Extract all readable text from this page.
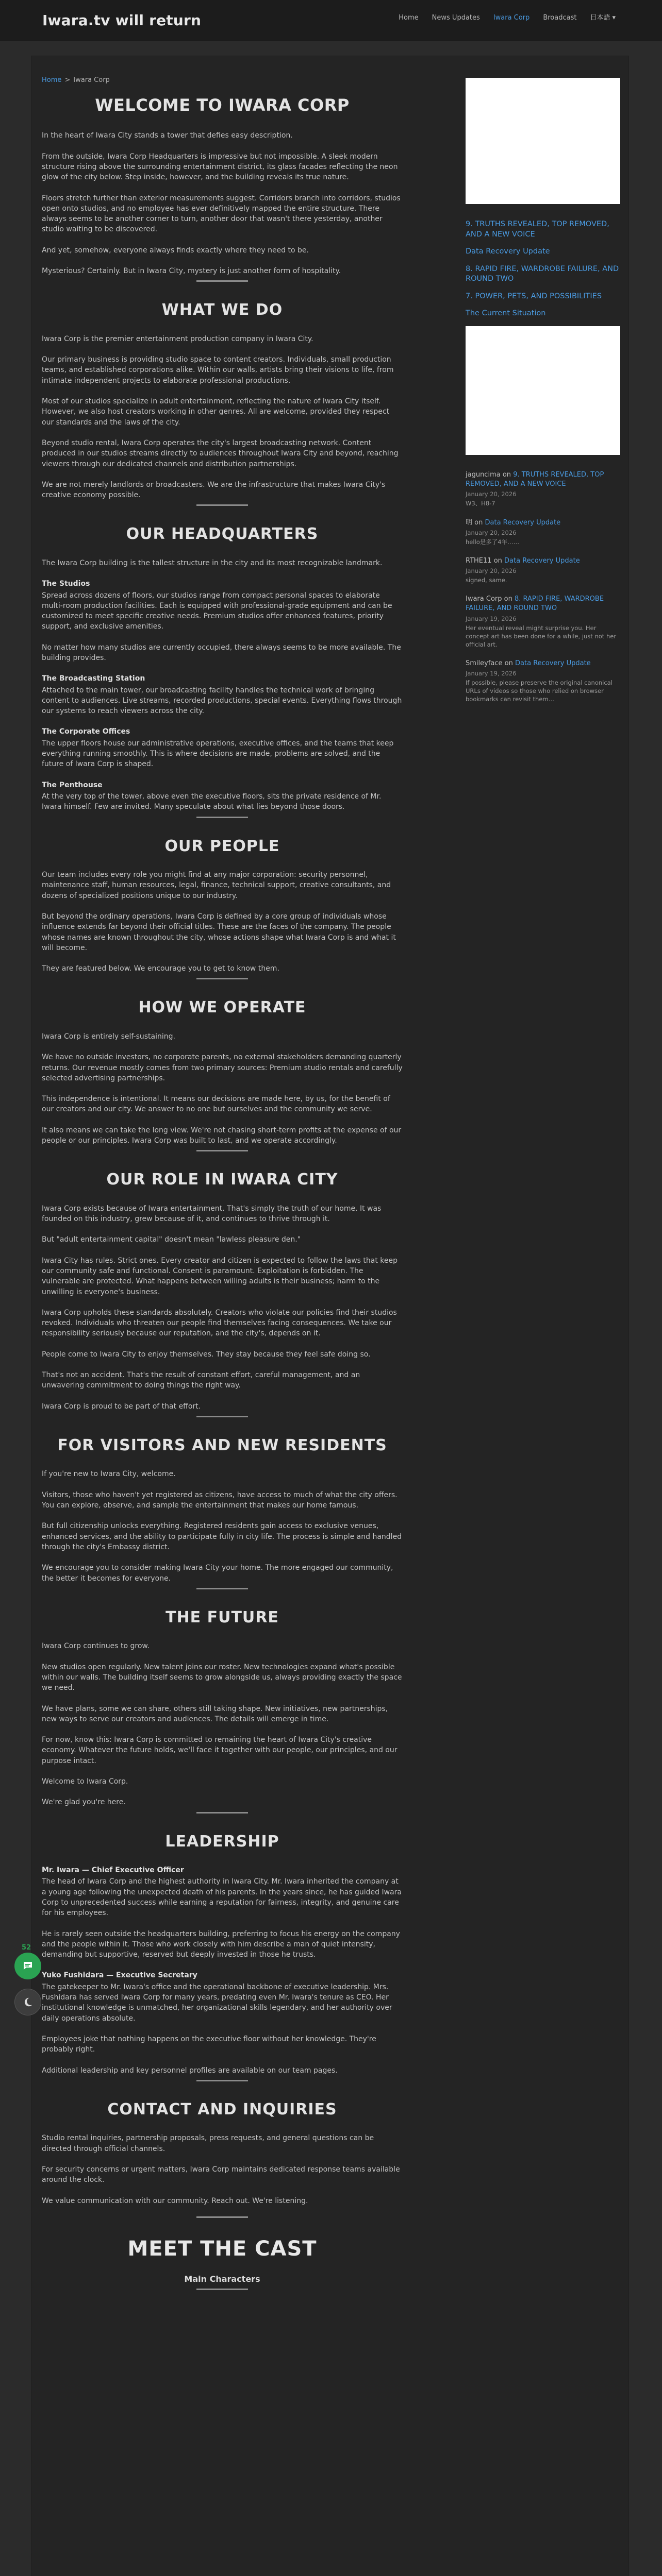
Iwara.tv will return	Home News Updates Iwara Corp Broadcast 日本語 ▾
Home > Iwara Corp
WELCOME TO IWARA CORP
In the heart of Iwara City stands a tower that defies easy description.
From the outside, Iwara Corp Headquarters is impressive but not impossible. A sleek modern structure rising above the surrounding entertainment district, its glass facades reflecting the neon glow of the city below. Step inside, however, and the building reveals its true nature.
Floors stretch further than exterior measurements suggest. Corridors branch into corridors, studios open onto studios, and no employee has ever definitively mapped the entire structure. There always seems to be another corner to turn, another door that wasn't there yesterday, another studio waiting to be discovered.
And yet, somehow, everyone always finds exactly where they need to be.
Mysterious? Certainly. But in Iwara City, mystery is just another form of hospitality.
WHAT WE DO
Iwara Corp is the premier entertainment production company in Iwara City.
Our primary business is providing studio space to content creators. Individuals, small production teams, and established corporations alike. Within our walls, artists bring their visions to life, from intimate independent projects to elaborate professional productions.
Most of our studios specialize in adult entertainment, reflecting the nature of Iwara City itself. However, we also host creators working in other genres. All are welcome, provided they respect our standards and the laws of the city.
Beyond studio rental, Iwara Corp operates the city's largest broadcasting network. Content produced in our studios streams directly to audiences throughout Iwara City and beyond, reaching viewers through our dedicated channels and distribution partnerships.
We are not merely landlords or broadcasters. We are the infrastructure that makes Iwara City's creative economy possible.
OUR HEADQUARTERS
The Iwara Corp building is the tallest structure in the city and its most recognizable landmark.
The Studios
Spread across dozens of floors, our studios range from compact personal spaces to elaborate multi-room production facilities. Each is equipped with professional-grade equipment and can be customized to meet specific creative needs. Premium studios offer enhanced features, priority support, and exclusive amenities.
No matter how many studios are currently occupied, there always seems to be more available. The building provides.
The Broadcasting Station
Attached to the main tower, our broadcasting facility handles the technical work of bringing content to audiences. Live streams, recorded productions, special events. Everything flows through our systems to reach viewers across the city.
The Corporate Offices
The upper floors house our administrative operations, executive offices, and the teams that keep everything running smoothly. This is where decisions are made, problems are solved, and the future of Iwara Corp is shaped.
The Penthouse
At the very top of the tower, above even the executive floors, sits the private residence of Mr. Iwara himself. Few are invited. Many speculate about what lies beyond those doors.
OUR PEOPLE
Our team includes every role you might find at any major corporation: security personnel, maintenance staff, human resources, legal, finance, technical support, creative consultants, and dozens of specialized positions unique to our industry.
But beyond the ordinary operations, Iwara Corp is defined by a core group of individuals whose influence extends far beyond their official titles. These are the faces of the company. The people whose names are known throughout the city, whose actions shape what Iwara Corp is and what it will become.
They are featured below. We encourage you to get to know them.
HOW WE OPERATE
Iwara Corp is entirely self-sustaining.
We have no outside investors, no corporate parents, no external stakeholders demanding quarterly returns. Our revenue mostly comes from two primary sources: Premium studio rentals and carefully selected advertising partnerships.
This independence is intentional. It means our decisions are made here, by us, for the benefit of our creators and our city. We answer to no one but ourselves and the community we serve.
It also means we can take the long view. We're not chasing short-term profits at the expense of our people or our principles. Iwara Corp was built to last, and we operate accordingly.
OUR ROLE IN IWARA CITY
Iwara Corp exists because of Iwara entertainment. That's simply the truth of our home. It was founded on this industry, grew because of it, and continues to thrive through it.
But "adult entertainment capital" doesn't mean "lawless pleasure den."
Iwara City has rules. Strict ones. Every creator and citizen is expected to follow the laws that keep our community safe and functional. Consent is paramount. Exploitation is forbidden. The vulnerable are protected. What happens between willing adults is their business; harm to the unwilling is everyone's business.
Iwara Corp upholds these standards absolutely. Creators who violate our policies find their studios revoked. Individuals who threaten our people find themselves facing consequences. We take our responsibility seriously because our reputation, and the city's, depends on it.
People come to Iwara City to enjoy themselves. They stay because they feel safe doing so.
That's not an accident. That's the result of constant effort, careful management, and an unwavering commitment to doing things the right way.
Iwara Corp is proud to be part of that effort.
FOR VISITORS AND NEW RESIDENTS
If you're new to Iwara City, welcome.
Visitors, those who haven't yet registered as citizens, have access to much of what the city offers. You can explore, observe, and sample the entertainment that makes our home famous.
But full citizenship unlocks everything. Registered residents gain access to exclusive venues, enhanced services, and the ability to participate fully in city life. The process is simple and handled through the city's Embassy district.
We encourage you to consider making Iwara City your home. The more engaged our community, the better it becomes for everyone.
THE FUTURE
Iwara Corp continues to grow.
New studios open regularly. New talent joins our roster. New technologies expand what's possible within our walls. The building itself seems to grow alongside us, always providing exactly the space we need.
We have plans, some we can share, others still taking shape. New initiatives, new partnerships, new ways to serve our creators and audiences. The details will emerge in time.
For now, know this: Iwara Corp is committed to remaining the heart of Iwara City's creative economy. Whatever the future holds, we'll face it together with our people, our principles, and our purpose intact.
Welcome to Iwara Corp.
We're glad you're here.
LEADERSHIP
Mr. Iwara — Chief Executive Officer
The head of Iwara Corp and the highest authority in Iwara City. Mr. Iwara inherited the company at a young age following the unexpected death of his parents. In the years since, he has guided Iwara Corp to unprecedented success while earning a reputation for fairness, integrity, and genuine care for his employees.
He is rarely seen outside the headquarters building, preferring to focus his energy on the company and the people within it. Those who work closely with him describe a man of quiet intensity, demanding but supportive, reserved but deeply invested in those he trusts.
Yuko Fushidara — Executive Secretary
The gatekeeper to Mr. Iwara's office and the operational backbone of executive leadership. Mrs. Fushidara has served Iwara Corp for many years, predating even Mr. Iwara's tenure as CEO. Her institutional knowledge is unmatched, her organizational skills legendary, and her authority over daily operations absolute.
Employees joke that nothing happens on the executive floor without her knowledge. They're probably right.
Additional leadership and key personnel profiles are available on our team pages.
CONTACT AND INQUIRIES
Studio rental inquiries, partnership proposals, press requests, and general questions can be directed through official channels.
For security concerns or urgent matters, Iwara Corp maintains dedicated response teams available around the clock.
We value communication with our community. Reach out. We're listening.
MEET THE CAST
Main Characters
9. TRUTHS REVEALED, TOP REMOVED, AND A NEW VOICE
Data Recovery Update
8. RAPID FIRE, WARDROBE FAILURE, AND ROUND TWO
7. POWER, PETS, AND POSSIBILITIES
The Current Situation
jaguncima on 9. TRUTHS REVEALED, TOP REMOVED, AND A NEW VOICE
January 20, 2026
W3、H8-7
明 on Data Recovery Update
January 20, 2026
hello是多了4年……
RTHE11 on Data Recovery Update
January 20, 2026
signed, same.
Iwara Corp on 8. RAPID FIRE, WARDROBE FAILURE, AND ROUND TWO
January 19, 2026
Her eventual reveal might surprise you. Her concept art has been done for a while, just not her official art.
Smileyface on Data Recovery Update
January 19, 2026
If possible, please preserve the original canonical URLs of videos so those who relied on browser bookmarks can revisit them…
52
